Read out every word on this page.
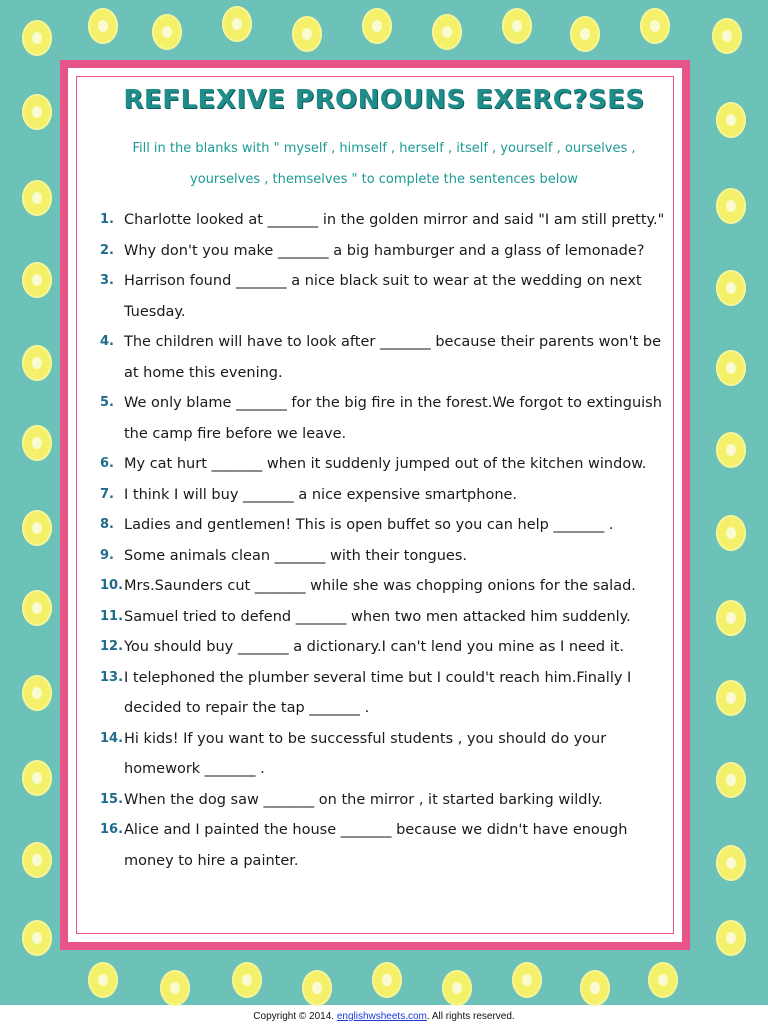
REFLEXIVE PRONOUNS EXERC?SES
Fill in the blanks with " myself , himself , herself , itself , yourself , ourselves ,
yourselves , themselves " to complete the sentences below
1. Charlotte looked at _______ in the golden mirror and said "I am still pretty."
2. Why don't you make _______ a big hamburger and a glass of lemonade?
3. Harrison found _______ a nice black suit to wear at the wedding on next Tuesday.
4. The children will have to look after _______ because their parents won't be at home this evening.
5. We only blame _______ for the big fire in the forest.We forgot to extinguish the camp fire before we leave.
6. My cat hurt _______ when it suddenly jumped out of the kitchen window.
7. I think I will buy _______ a nice expensive smartphone.
8. Ladies and gentlemen! This is open buffet so you can help _______ .
9. Some animals clean _______ with their tongues.
10. Mrs.Saunders cut _______ while she was chopping onions for the salad.
11. Samuel tried to defend _______ when two men attacked him suddenly.
12. You should buy _______ a dictionary.I can't lend you mine as I need it.
13. I telephoned the plumber several time but I could't reach him.Finally I decided to repair the tap _______ .
14. Hi kids! If you want to be successful students , you should do your homework _______ .
15. When the dog saw _______ on the mirror , it started barking wildly.
16. Alice and I painted the house _______ because we didn't have enough money to hire a painter.
Copyright © 2014. englishwsheets.com. All rights reserved.
